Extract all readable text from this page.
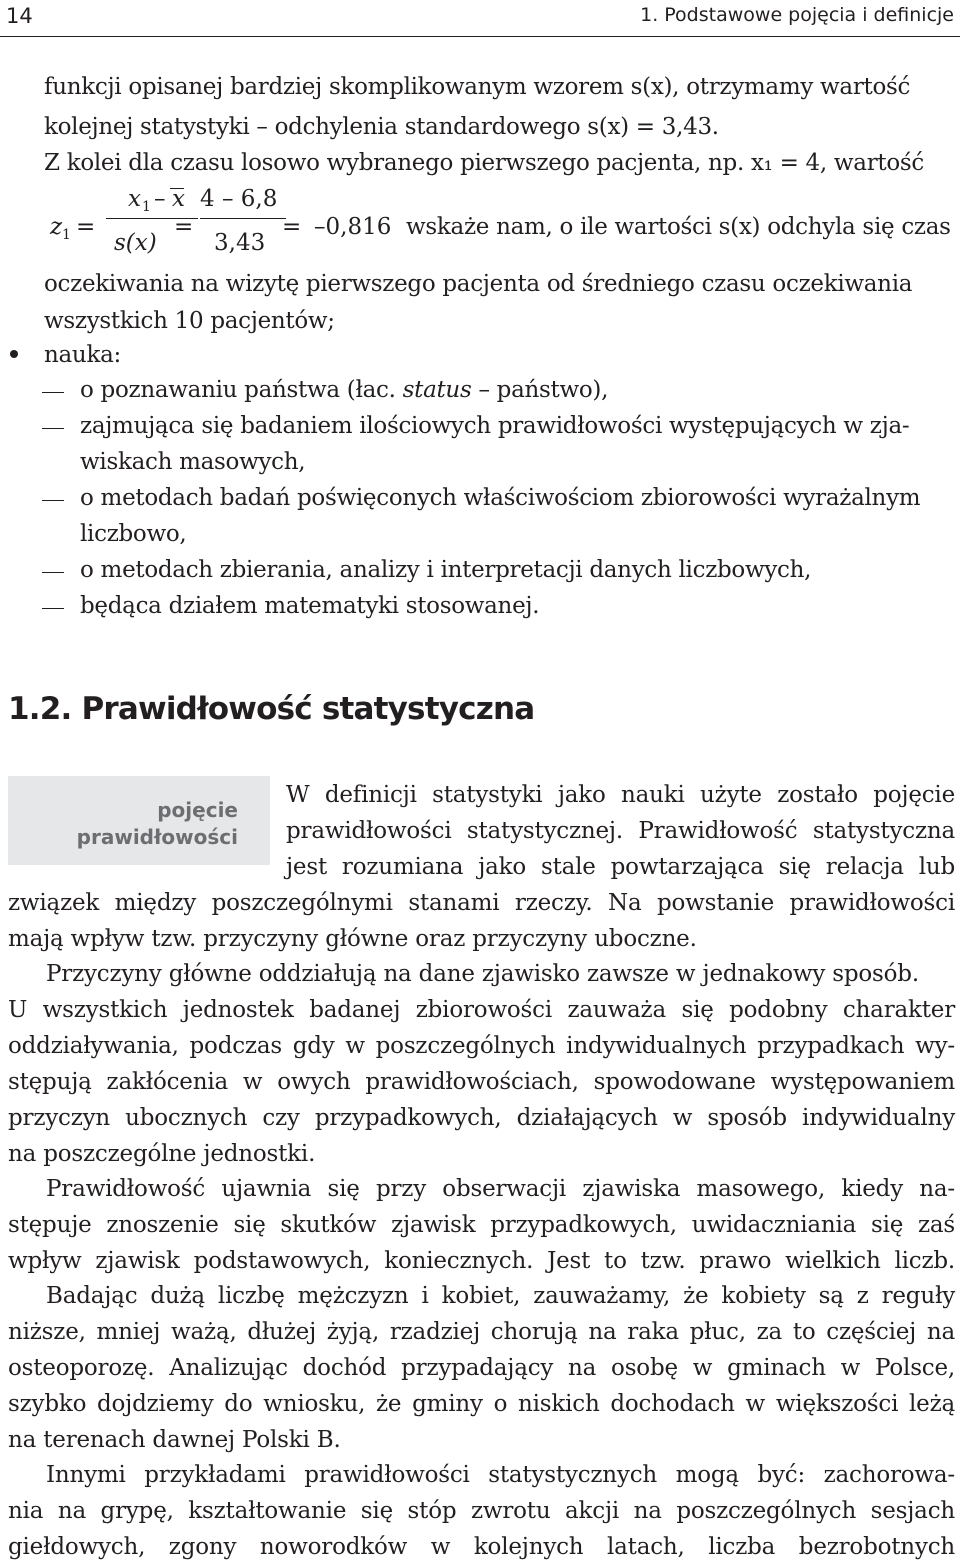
14	1. Podstawowe pojęcia i definicje
funkcji opisanej bardziej skomplikowanym wzorem s(x), otrzymamy wartość
kolejnej statystyki – odchylenia standardowego s(x) = 3,43.
Z kolei dla czasu losowo wybranego pierwszego pacjenta, np. x₁ = 4, wartość
z 1 =
x 1 – x
s(x)
=
4 – 6,8
3,43
= –0,816 wskaże nam, o ile wartości s(x) odchyla się czas
oczekiwania na wizytę pierwszego pacjenta od średniego czasu oczekiwania
wszystkich 10 pacjentów;
nauka:
o poznawaniu państwa (łac. status – państwo),
zajmująca się badaniem ilościowych prawidłowości występujących w zja-
wiskach masowych,
o metodach badań poświęconych właściwościom zbiorowości wyrażalnym
liczbowo,
o metodach zbierania, analizy i interpretacji danych liczbowych,
będąca działem matematyki stosowanej.
1.2. Prawidłowość statystyczna
pojęcie
prawidłowości
W definicji statystyki jako nauki użyte zostało pojęcie
prawidłowości statystycznej. Prawidłowość statystyczna
jest rozumiana jako stale powtarzająca się relacja lub
związek między poszczególnymi stanami rzeczy. Na powstanie prawidłowości
mają wpływ tzw. przyczyny główne oraz przyczyny uboczne.
Przyczyny główne oddziałują na dane zjawisko zawsze w jednakowy sposób.
U wszystkich jednostek badanej zbiorowości zauważa się podobny charakter
oddziaływania, podczas gdy w poszczególnych indywidualnych przypadkach wy-
stępują zakłócenia w owych prawidłowościach, spowodowane występowaniem
przyczyn ubocznych czy przypadkowych, działających w sposób indywidualny
na poszczególne jednostki.
Prawidłowość ujawnia się przy obserwacji zjawiska masowego, kiedy na-
stępuje znoszenie się skutków zjawisk przypadkowych, uwidaczniania się zaś
wpływ zjawisk podstawowych, koniecznych. Jest to tzw. prawo wielkich liczb.
Badając dużą liczbę mężczyzn i kobiet, zauważamy, że kobiety są z reguły
niższe, mniej ważą, dłużej żyją, rzadziej chorują na raka płuc, za to częściej na
osteoporozę. Analizując dochód przypadający na osobę w gminach w Polsce,
szybko dojdziemy do wniosku, że gminy o niskich dochodach w większości leżą
na terenach dawnej Polski B.
Innymi przykładami prawidłowości statystycznych mogą być: zachorowa-
nia na grypę, kształtowanie się stóp zwrotu akcji na poszczególnych sesjach
giełdowych, zgony noworodków w kolejnych latach, liczba bezrobotnych
